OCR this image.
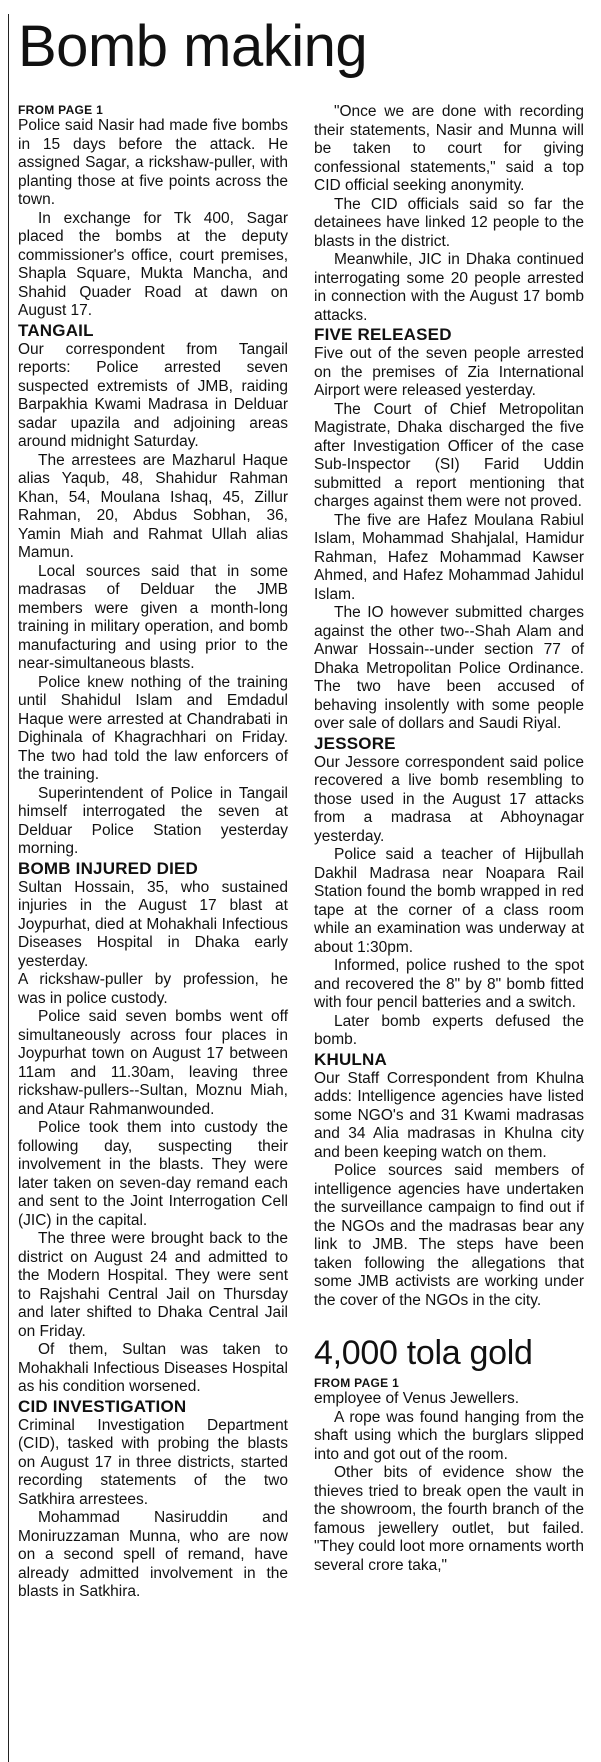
Bomb making
FROM PAGE 1

Police said Nasir had made five bombs in 15 days before the attack. He assigned Sagar, a rickshaw-puller, with planting those at five points across the town.

In exchange for Tk 400, Sagar placed the bombs at the deputy commissioner's office, court premises, Shapla Square, Mukta Mancha, and Shahid Quader Road at dawn on August 17.

TANGAIL

Our correspondent from Tangail reports: Police arrested seven suspected extremists of JMB, raiding Barpakhia Kwami Madrasa in Delduar sadar upazila and adjoining areas around midnight Saturday.

The arrestees are Mazharul Haque alias Yaqub, 48, Shahidur Rahman Khan, 54, Moulana Ishaq, 45, Zillur Rahman, 20, Abdus Sobhan, 36, Yamin Miah and Rahmat Ullah alias Mamun.

Local sources said that in some madrasas of Delduar the JMB members were given a month-long training in military operation, and bomb manufacturing and using prior to the near-simultaneous blasts.

Police knew nothing of the training until Shahidul Islam and Emdadul Haque were arrested at Chandrabati in Dighinala of Khagrachhari on Friday. The two had told the law enforcers of the training.

Superintendent of Police in Tangail himself interrogated the seven at Delduar Police Station yesterday morning.

BOMB INJURED DIED

Sultan Hossain, 35, who sustained injuries in the August 17 blast at Joypurhat, died at Mohakhali Infectious Diseases Hospital in Dhaka early yesterday.

A rickshaw-puller by profession, he was in police custody.

Police said seven bombs went off simultaneously across four places in Joypurhat town on August 17 between 11am and 11.30am, leaving three rickshaw-pullers--Sultan, Moznu Miah, and Ataur Rahmanwounded.

Police took them into custody the following day, suspecting their involvement in the blasts. They were later taken on seven-day remand each and sent to the Joint Interrogation Cell (JIC) in the capital.

The three were brought back to the district on August 24 and admitted to the Modern Hospital. They were sent to Rajshahi Central Jail on Thursday and later shifted to Dhaka Central Jail on Friday.

Of them, Sultan was taken to Mohakhali Infectious Diseases Hospital as his condition worsened.

CID INVESTIGATION

Criminal Investigation Department (CID), tasked with probing the blasts on August 17 in three districts, started recording statements of the two Satkhira arrestees.

Mohammad Nasiruddin and Moniruzzaman Munna, who are now on a second spell of remand, have already admitted involvement in the blasts in Satkhira.

"Once we are done with recording their statements, Nasir and Munna will be taken to court for giving confessional statements," said a top CID official seeking anonymity.

The CID officials said so far the detainees have linked 12 people to the blasts in the district.

Meanwhile, JIC in Dhaka continued interrogating some 20 people arrested in connection with the August 17 bomb attacks.

FIVE RELEASED

Five out of the seven people arrested on the premises of Zia International Airport were released yesterday.

The Court of Chief Metropolitan Magistrate, Dhaka discharged the five after Investigation Officer of the case Sub-Inspector (SI) Farid Uddin submitted a report mentioning that charges against them were not proved.

The five are Hafez Moulana Rabiul Islam, Mohammad Shahjalal, Hamidur Rahman, Hafez Mohammad Kawser Ahmed, and Hafez Mohammad Jahidul Islam.

The IO however submitted charges against the other two--Shah Alam and Anwar Hossain--under section 77 of Dhaka Metropolitan Police Ordinance. The two have been accused of behaving insolently with some people over sale of dollars and Saudi Riyal.

JESSORE

Our Jessore correspondent said police recovered a live bomb resembling to those used in the August 17 attacks from a madrasa at Abhoynagar yesterday.

Police said a teacher of Hijbullah Dakhil Madrasa near Noapara Rail Station found the bomb wrapped in red tape at the corner of a class room while an examination was underway at about 1:30pm.

Informed, police rushed to the spot and recovered the 8" by 8" bomb fitted with four pencil batteries and a switch.

Later bomb experts defused the bomb.

KHULNA

Our Staff Correspondent from Khulna adds: Intelligence agencies have listed some NGO's and 31 Kwami madrasas and 34 Alia madrasas in Khulna city and been keeping watch on them.

Police sources said members of intelligence agencies have undertaken the surveillance campaign to find out if the NGOs and the madrasas bear any link to JMB. The steps have been taken following the allegations that some JMB activists are working under the cover of the NGOs in the city.

4,000 tola gold
FROM PAGE 1

employee of Venus Jewellers.

A rope was found hanging from the shaft using which the burglars slipped into and got out of the room.

Other bits of evidence show the thieves tried to break open the vault in the showroom, the fourth branch of the famous jewellery outlet, but failed. "They could loot more ornaments worth several crore taka,"
